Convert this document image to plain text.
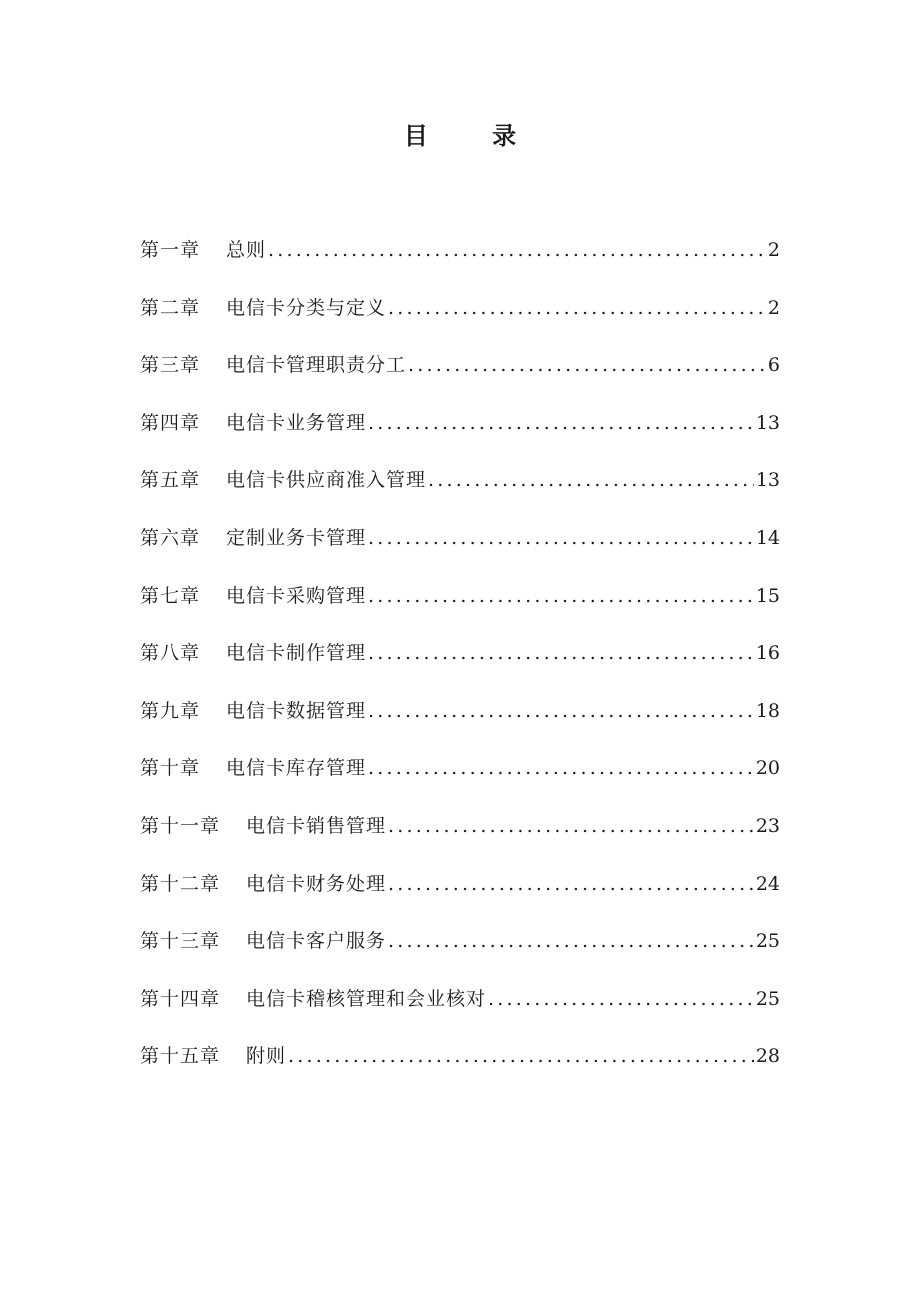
目 录
第一章 总则 .....	2
第二章 电信卡分类与定义 .....	2
第三章 电信卡管理职责分工 .....	6
第四章 电信卡业务管理 .....	13
第五章 电信卡供应商准入管理 .....	13
第六章 定制业务卡管理 .....	14
第七章 电信卡采购管理 .....	15
第八章 电信卡制作管理 .....	16
第九章 电信卡数据管理 .....	18
第十章 电信卡库存管理 .....	20
第十一章 电信卡销售管理 .....	23
第十二章 电信卡财务处理 .....	24
第十三章 电信卡客户服务 .....	25
第十四章 电信卡稽核管理和会业核对 .....	25
第十五章 附则 .....	28
